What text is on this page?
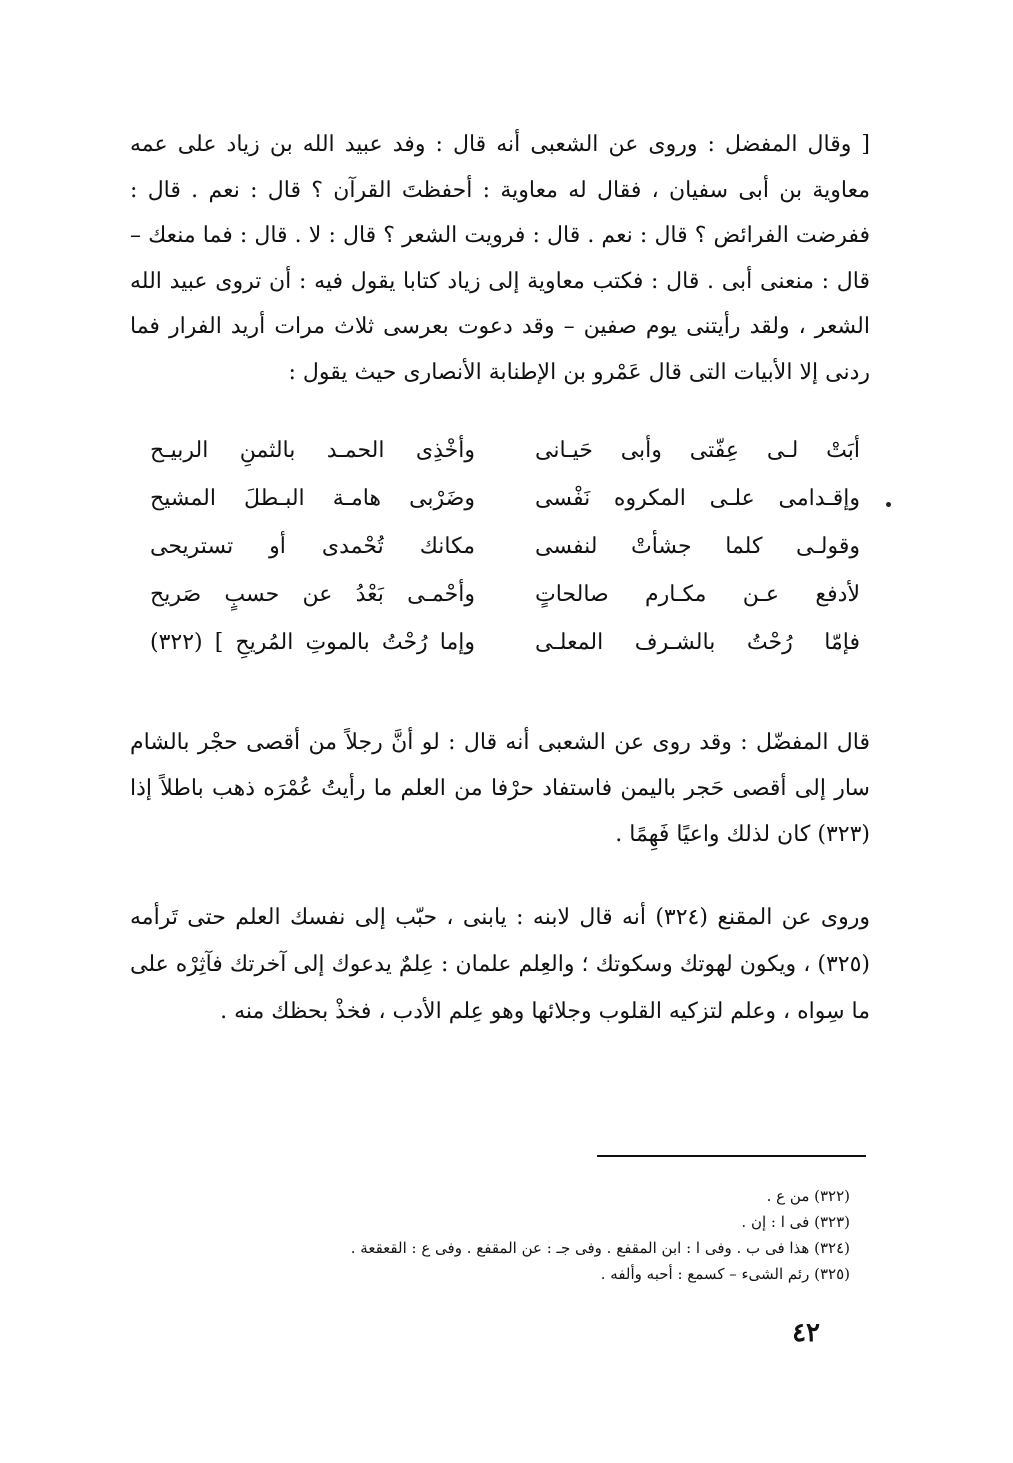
[ وقال المفضل : وروى عن الشعبى أنه قال : وفد عبيد الله بن زياد على عمه معاوية بن أبى سفيان ، فقال له معاوية : أحفظتَ القرآن ؟ قال : نعم . قال : ففرضت الفرائض ؟ قال : نعم . قال : فرويت الشعر ؟ قال : لا . قال : فما منعك – قال : منعنى أبى . قال : فكتب معاوية إلى زياد كتابا يقول فيه : أن تروى عبيد الله الشعر ، ولقد رأيتنى يوم صفين – وقد دعوت بعرسى ثلاث مرات أريد الفرار فما ردنى إلا الأبيات التى قال عَمْرو بن الإطنابة الأنصارى حيث يقول :

أبَتْ لـى عِفّتى وأبى حَيـانى
وأخْذِى الحمـد بالثمنِ الربيـح
وإقـدامى علـى المكروه نَفْسى
وضَرْبى هامـة البـطلَ المشيح
وقولـى كلما جشأتْ لنفسى
مكانك تُحْمدى أو تستريحى
لأدفع عـن مكـارم صالحاتٍ
وأحْمـى بَعْدُ عن حسبٍ صَريح
فإمّا رُحْتُ بالشـرف المعلـى
وإما رُحْتُ بالموتِ المُريحِ ] (٣٢٢)

قال المفضّل : وقد روى عن الشعبى أنه قال : لو أنَّ رجلاً من أقصى حجْر بالشام سار إلى أقصى حَجر باليمن فاستفاد حرْفا من العلم ما رأيتُ عُمْرَه ذهب باطلاً إذا (٣٢٣) كان لذلك واعيًا فَهِمًا .

وروى عن المقنع (٣٢٤) أنه قال لابنه : يابنى ، حبّب إلى نفسك العلم حتى تَرأمه (٣٢٥) ، ويكون لهوتك وسكوتك ؛ والعِلم علمان : عِلمٌ يدعوك إلى آخرتك فآثِرْه على ما سِواه ، وعلم لتزكيه القلوب وجلائها وهو عِلم الأدب ، فخذْ بحظك منه .

(٣٢٢) من ع .

(٣٢٣) فى ا : إن .

(٣٢٤) هذا فى ب . وفى ا : ابن المقفع . وفى جـ : عن المقفع . وفى ع : القعقعة .

(٣٢٥) رئم الشىء – كسمع : أحبه وألفه .

٤٢
